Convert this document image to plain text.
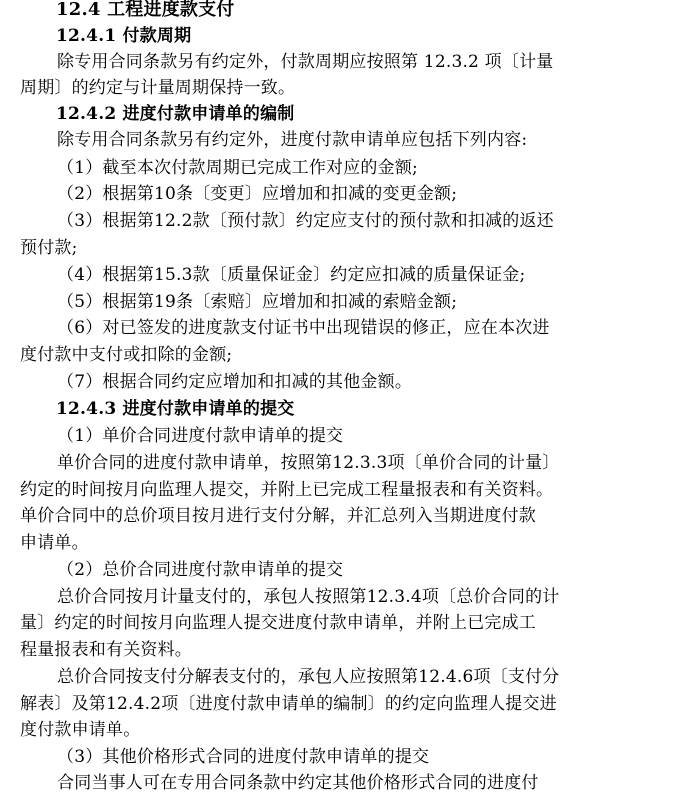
12.4 工程进度款支付
12.4.1 付款周期
除专用合同条款另有约定外，付款周期应按照第 12.3.2 项〔计量
周期〕的约定与计量周期保持一致。
12.4.2 进度付款申请单的编制
除专用合同条款另有约定外，进度付款申请单应包括下列内容:
（1）截至本次付款周期已完成工作对应的金额;
（2）根据第10条〔变更〕应增加和扣减的变更金额;
（3）根据第12.2款〔预付款〕约定应支付的预付款和扣减的返还
预付款;
（4）根据第15.3款〔质量保证金〕约定应扣减的质量保证金;
（5）根据第19条〔索赔〕应增加和扣减的索赔金额;
（6）对已签发的进度款支付证书中出现错误的修正，应在本次进
度付款中支付或扣除的金额;
（7）根据合同约定应增加和扣减的其他金额。
12.4.3 进度付款申请单的提交
（1）单价合同进度付款申请单的提交
单价合同的进度付款申请单，按照第12.3.3项〔单价合同的计量〕
约定的时间按月向监理人提交，并附上已完成工程量报表和有关资料。
单价合同中的总价项目按月进行支付分解，并汇总列入当期进度付款
申请单。
（2）总价合同进度付款申请单的提交
总价合同按月计量支付的，承包人按照第12.3.4项〔总价合同的计
量〕约定的时间按月向监理人提交进度付款申请单，并附上已完成工
程量报表和有关资料。
总价合同按支付分解表支付的，承包人应按照第12.4.6项〔支付分
解表〕及第12.4.2项〔进度付款申请单的编制〕的约定向监理人提交进
度付款申请单。
（3）其他价格形式合同的进度付款申请单的提交
合同当事人可在专用合同条款中约定其他价格形式合同的进度付
